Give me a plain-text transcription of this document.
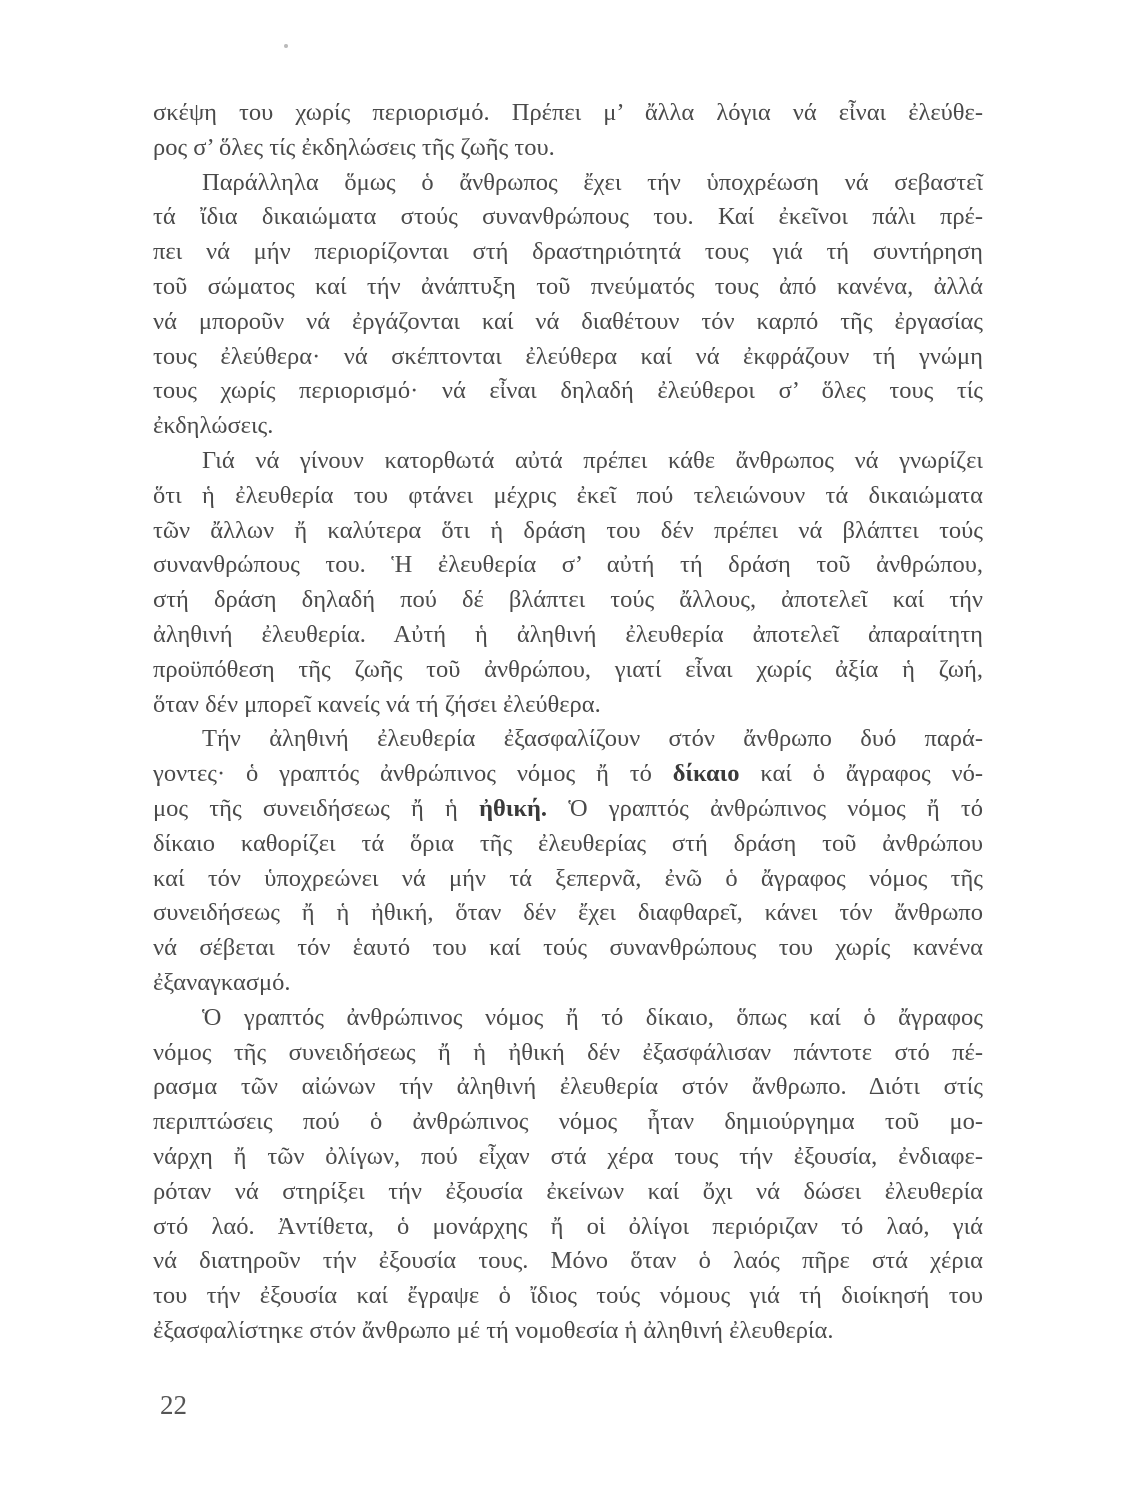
σκέψη του χωρίς περιορισμό. Πρέπει μ’ ἄλλα λόγια νά εἶναι ἐλεύθε-
ρος σ’ ὅλες τίς ἐκδηλώσεις τῆς ζωῆς του.
Παράλληλα ὅμως ὁ ἄνθρωπος ἔχει τήν ὑποχρέωση νά σεβαστεῖ
τά ἴδια δικαιώματα στούς συνανθρώπους του. Καί ἐκεῖνοι πάλι πρέ-
πει νά μήν περιορίζονται στή δραστηριότητά τους γιά τή συντήρηση
τοῦ σώματος καί τήν ἀνάπτυξη τοῦ πνεύματός τους ἀπό κανένα, ἀλλά
νά μποροῦν νά ἐργάζονται καί νά διαθέτουν τόν καρπό τῆς ἐργασίας
τους ἐλεύθερα· νά σκέπτονται ἐλεύθερα καί νά ἐκφράζουν τή γνώμη
τους χωρίς περιορισμό· νά εἶναι δηλαδή ἐλεύθεροι σ’ ὅλες τους τίς
ἐκδηλώσεις.
Γιά νά γίνουν κατορθωτά αὐτά πρέπει κάθε ἄνθρωπος νά γνωρίζει
ὅτι ἡ ἐλευθερία του φτάνει μέχρις ἐκεῖ πού τελειώνουν τά δικαιώματα
τῶν ἄλλων ἤ καλύτερα ὅτι ἡ δράση του δέν πρέπει νά βλάπτει τούς
συνανθρώπους του. Ἡ ἐλευθερία σ’ αὐτή τή δράση τοῦ ἀνθρώπου,
στή δράση δηλαδή πού δέ βλάπτει τούς ἄλλους, ἀποτελεῖ καί τήν
ἀληθινή ἐλευθερία. Αὐτή ἡ ἀληθινή ἐλευθερία ἀποτελεῖ ἀπαραίτητη
προϋπόθεση τῆς ζωῆς τοῦ ἀνθρώπου, γιατί εἶναι χωρίς ἀξία ἡ ζωή,
ὅταν δέν μπορεῖ κανείς νά τή ζήσει ἐλεύθερα.
Τήν ἀληθινή ἐλευθερία ἐξασφαλίζουν στόν ἄνθρωπο δυό παρά-
γοντες· ὁ γραπτός ἀνθρώπινος νόμος ἤ τό δίκαιο καί ὁ ἄγραφος νό-
μος τῆς συνειδήσεως ἤ ἡ ἠθική. Ὁ γραπτός ἀνθρώπινος νόμος ἤ τό
δίκαιο καθορίζει τά ὅρια τῆς ἐλευθερίας στή δράση τοῦ ἀνθρώπου
καί τόν ὑποχρεώνει νά μήν τά ξεπερνᾶ, ἐνῶ ὁ ἄγραφος νόμος τῆς
συνειδήσεως ἤ ἡ ἠθική, ὅταν δέν ἔχει διαφθαρεῖ, κάνει τόν ἄνθρωπο
νά σέβεται τόν ἑαυτό του καί τούς συνανθρώπους του χωρίς κανένα
ἐξαναγκασμό.
Ὁ γραπτός ἀνθρώπινος νόμος ἤ τό δίκαιο, ὅπως καί ὁ ἄγραφος
νόμος τῆς συνειδήσεως ἤ ἡ ἠθική δέν ἐξασφάλισαν πάντοτε στό πέ-
ρασμα τῶν αἰώνων τήν ἀληθινή ἐλευθερία στόν ἄνθρωπο. Διότι στίς
περιπτώσεις πού ὁ ἀνθρώπινος νόμος ἦταν δημιούργημα τοῦ μο-
νάρχη ἤ τῶν ὀλίγων, πού εἶχαν στά χέρα τους τήν ἐξουσία, ἐνδιαφε-
ρόταν νά στηρίξει τήν ἐξουσία ἐκείνων καί ὄχι νά δώσει ἐλευθερία
στό λαό. Ἀντίθετα, ὁ μονάρχης ἤ οἱ ὀλίγοι περιόριζαν τό λαό, γιά
νά διατηροῦν τήν ἐξουσία τους. Μόνο ὅταν ὁ λαός πῆρε στά χέρια
του τήν ἐξουσία καί ἔγραψε ὁ ἴδιος τούς νόμους γιά τή διοίκησή του
ἐξασφαλίστηκε στόν ἄνθρωπο μέ τή νομοθεσία ἡ ἀληθινή ἐλευθερία.
22
